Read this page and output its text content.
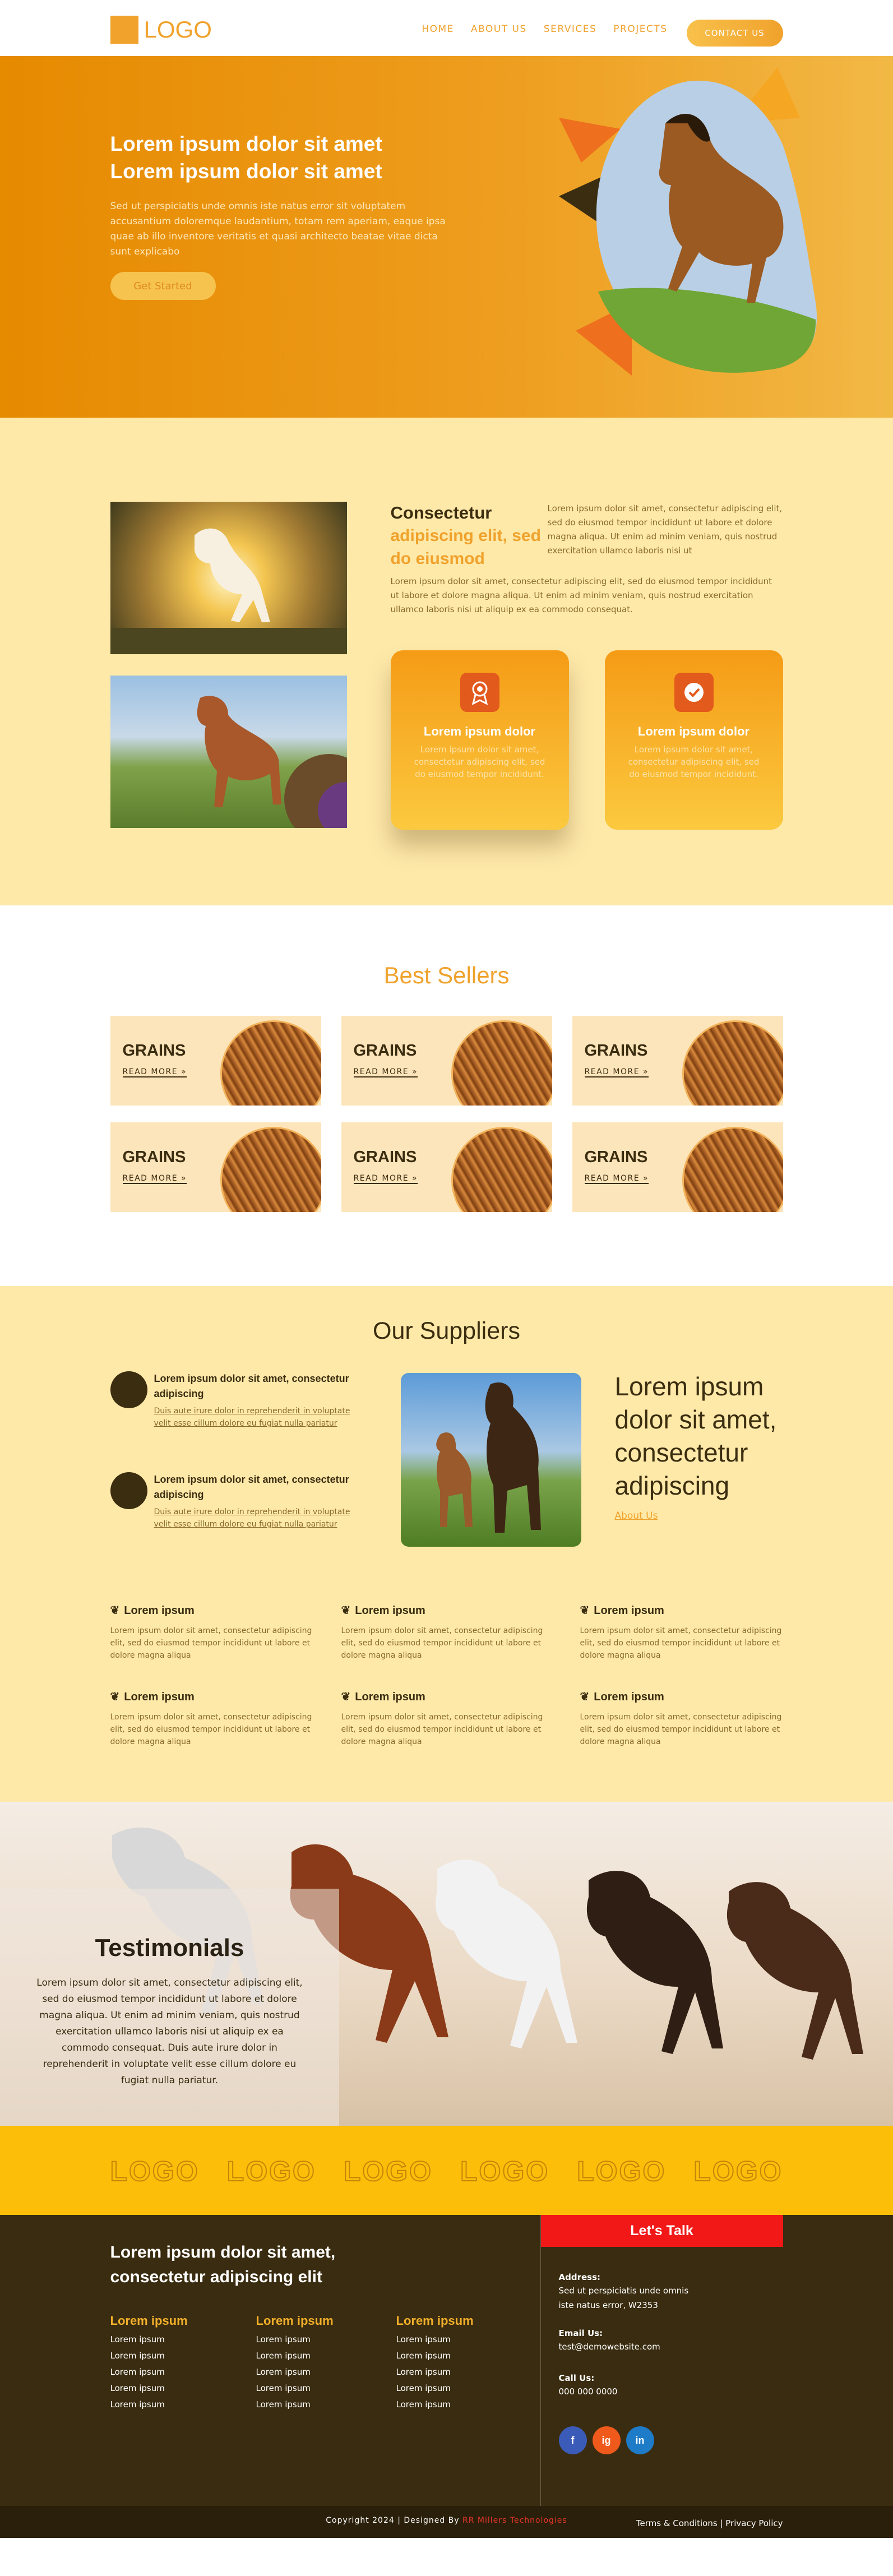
LOGO	HOME ABOUT US SERVICES PROJECTS	CONTACT US
Lorem ipsum dolor sit amet
Lorem ipsum dolor sit amet

Sed ut perspiciatis unde omnis iste natus error sit voluptatem accusantium doloremque laudantium, totam rem aperiam, eaque ipsa quae ab illo inventore veritatis et quasi architecto beatae vitae dicta sunt explicabo

Get Started
Consectetur
adipiscing elit, sed do eiusmod

Lorem ipsum dolor sit amet, consectetur adipiscing elit, sed do eiusmod tempor incididunt ut labore et dolore magna aliqua. Ut enim ad minim veniam, quis nostrud exercitation ullamco laboris nisi ut

Lorem ipsum dolor sit amet, consectetur adipiscing elit, sed do eiusmod tempor incididunt ut labore et dolore magna aliqua. Ut enim ad minim veniam, quis nostrud exercitation ullamco laboris nisi ut aliquip ex ea commodo consequat.

Lorem ipsum dolor

Lorem ipsum dolor sit amet, consectetur adipiscing elit, sed do eiusmod tempor incididunt.

Lorem ipsum dolor

Lorem ipsum dolor sit amet, consectetur adipiscing elit, sed do eiusmod tempor incididunt.

Best Sellers
GRAINS
READ MORE »
GRAINS
READ MORE »
GRAINS
READ MORE »
GRAINS
READ MORE »
GRAINS
READ MORE »
GRAINS
READ MORE »
Our Suppliers
Lorem ipsum dolor sit amet, consectetur adipiscing
Duis aute irure dolor in reprehenderit in voluptate velit esse cillum dolore eu fugiat nulla pariatur
Lorem ipsum dolor sit amet, consectetur adipiscing
Duis aute irure dolor in reprehenderit in voluptate velit esse cillum dolore eu fugiat nulla pariatur
Lorem ipsum dolor sit amet, consectetur adipiscing
About Us
❦ Lorem ipsum

Lorem ipsum dolor sit amet, consectetur adipiscing elit, sed do eiusmod tempor incididunt ut labore et dolore magna aliqua

❦ Lorem ipsum

Lorem ipsum dolor sit amet, consectetur adipiscing elit, sed do eiusmod tempor incididunt ut labore et dolore magna aliqua

❦ Lorem ipsum

Lorem ipsum dolor sit amet, consectetur adipiscing elit, sed do eiusmod tempor incididunt ut labore et dolore magna aliqua

❦ Lorem ipsum

Lorem ipsum dolor sit amet, consectetur adipiscing elit, sed do eiusmod tempor incididunt ut labore et dolore magna aliqua

❦ Lorem ipsum

Lorem ipsum dolor sit amet, consectetur adipiscing elit, sed do eiusmod tempor incididunt ut labore et dolore magna aliqua

❦ Lorem ipsum

Lorem ipsum dolor sit amet, consectetur adipiscing elit, sed do eiusmod tempor incididunt ut labore et dolore magna aliqua

Testimonials

Lorem ipsum dolor sit amet, consectetur adipiscing elit, sed do eiusmod tempor incididunt ut labore et dolore magna aliqua. Ut enim ad minim veniam, quis nostrud exercitation ullamco laboris nisi ut aliquip ex ea commodo consequat. Duis aute irure dolor in reprehenderit in voluptate velit esse cillum dolore eu fugiat nulla pariatur.

LOGO LOGO LOGO LOGO LOGO LOGO
Lorem ipsum dolor sit amet, consectetur adipiscing elit
Lorem ipsum
Lorem ipsum
Lorem ipsum
Lorem ipsum
Lorem ipsum
Lorem ipsum
Lorem ipsum
Lorem ipsum
Lorem ipsum
Lorem ipsum
Lorem ipsum
Lorem ipsum
Lorem ipsum
Lorem ipsum
Lorem ipsum
Lorem ipsum
Lorem ipsum
Lorem ipsum
Let's Talk
Address:
Sed ut perspiciatis unde omnis iste natus error, W2353
Email Us:
test@demowebsite.com
Call Us:
000 000 0000
f	ig	in
Copyright 2024 | Designed By RR Millers Technologies	Terms & Conditions | Privacy Policy
